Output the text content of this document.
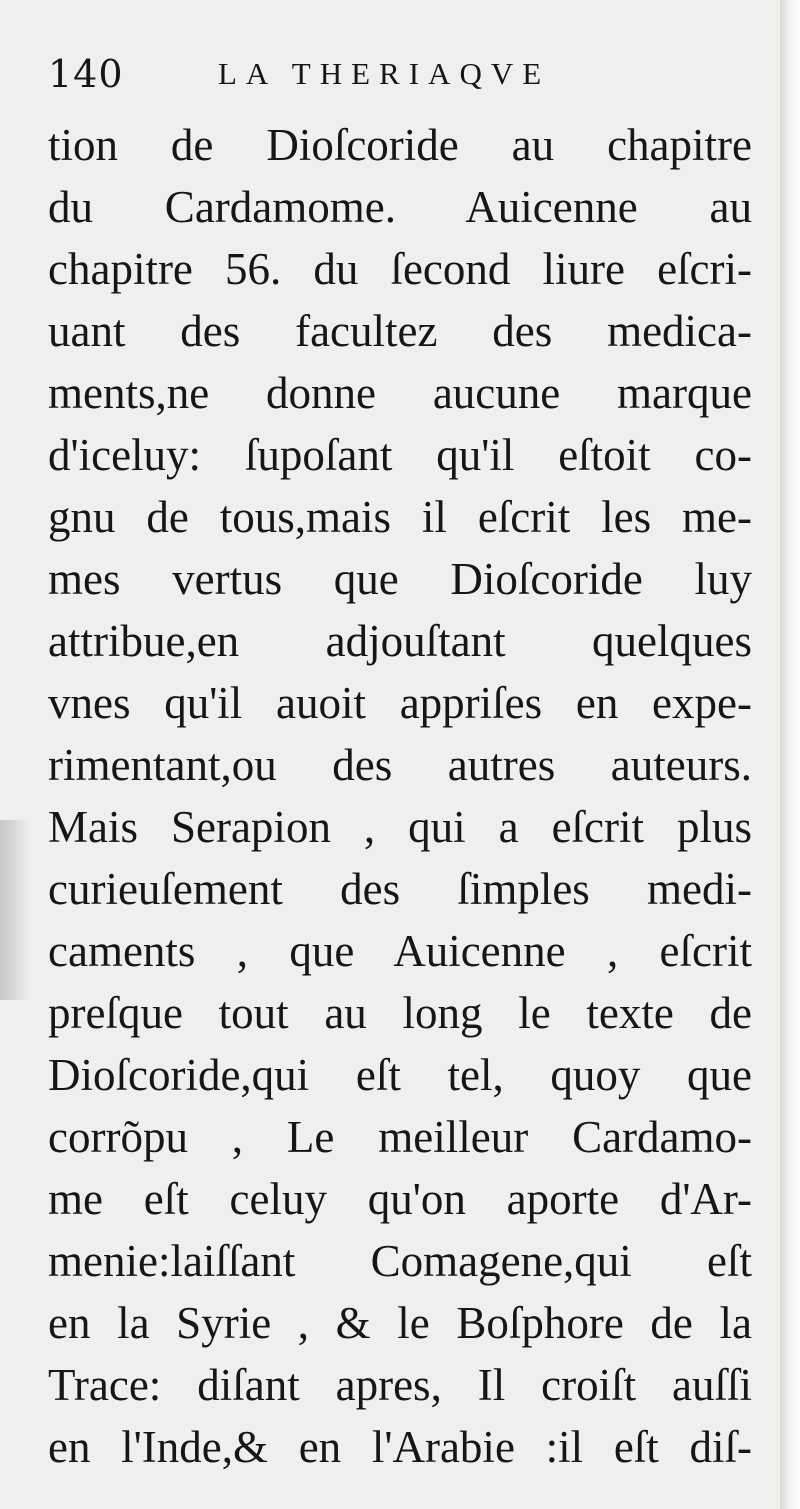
140	LA THERIAQVE
tion de Dioſcoride au chapitre
du Cardamome. Auicenne au
chapitre 56. du ſecond liure eſcri-
uant des facultez des medica-
ments,ne donne aucune marque
d'iceluy: ſupoſant qu'il eſtoit co-
gnu de tous,mais il eſcrit les me-
mes vertus que Dioſcoride luy
attribue,en adjouſtant quelques
vnes qu'il auoit appriſes en expe-
rimentant,ou des autres auteurs.
Mais Serapion , qui a eſcrit plus
curieuſement des ſimples medi-
caments , que Auicenne , eſcrit
preſque tout au long le texte de
Dioſcoride,qui eſt tel, quoy que
corrõpu , Le meilleur Cardamo-
me eſt celuy qu'on aporte d'Ar-
menie:laiſſant Comagene,qui eſt
en la Syrie , & le Boſphore de la
Trace: diſant apres, Il croiſt auſſi
en l'Inde,& en l'Arabie :il eſt diſ-
